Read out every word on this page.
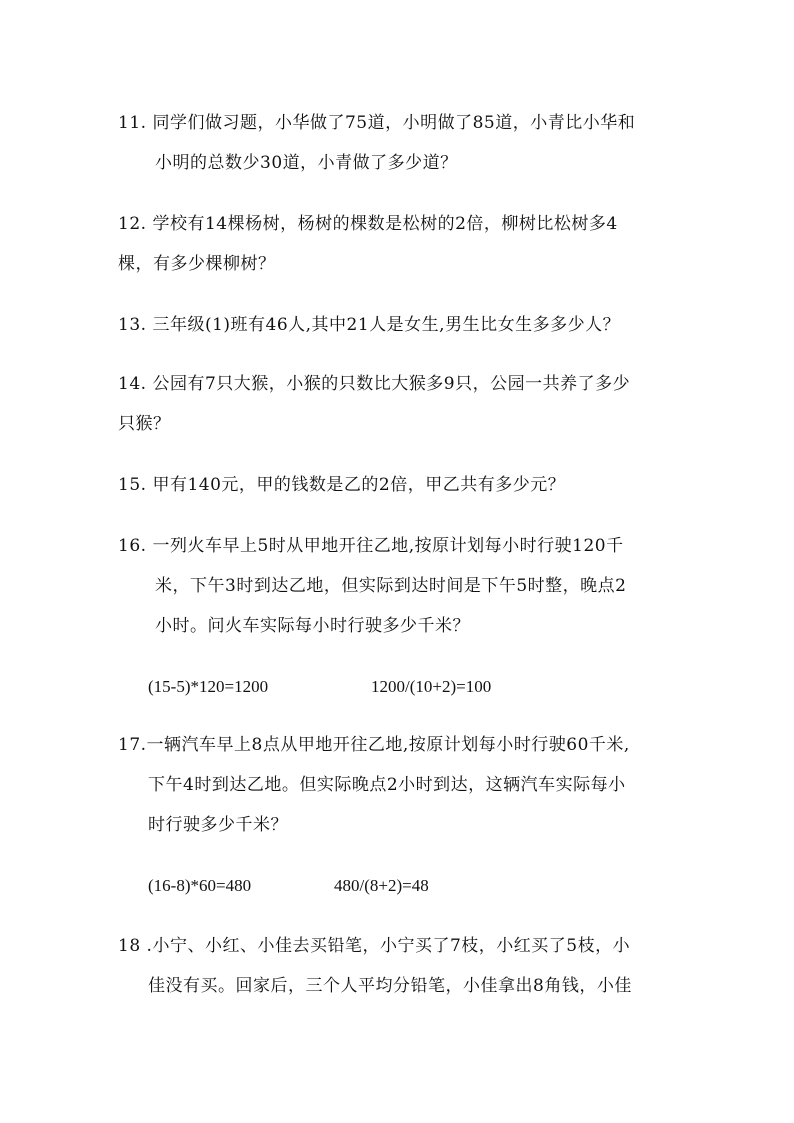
11. 同学们做习题，小华做了75道，小明做了85道，小青比小华和
小明的总数少30道，小青做了多少道？
12. 学校有14棵杨树，杨树的棵数是松树的2倍，柳树比松树多4
棵，有多少棵柳树？
13. 三年级(1)班有46人,其中21人是女生,男生比女生多多少人？
14. 公园有7只大猴，小猴的只数比大猴多9只，公园一共养了多少
只猴？
15. 甲有140元，甲的钱数是乙的2倍，甲乙共有多少元？
16. 一列火车早上5时从甲地开往乙地,按原计划每小时行驶120千
米，下午3时到达乙地，但实际到达时间是下午5时整，晚点2
小时。问火车实际每小时行驶多少千米？
(15-5)*120=1200	1200/(10+2)=100
17.一辆汽车早上8点从甲地开往乙地,按原计划每小时行驶60千米,
下午4时到达乙地。但实际晚点2小时到达，这辆汽车实际每小
时行驶多少千米？
(16-8)*60=480	480/(8+2)=48
18 .小宁、小红、小佳去买铅笔，小宁买了7枝，小红买了5枝，小
佳没有买。回家后，三个人平均分铅笔，小佳拿出8角钱，小佳
